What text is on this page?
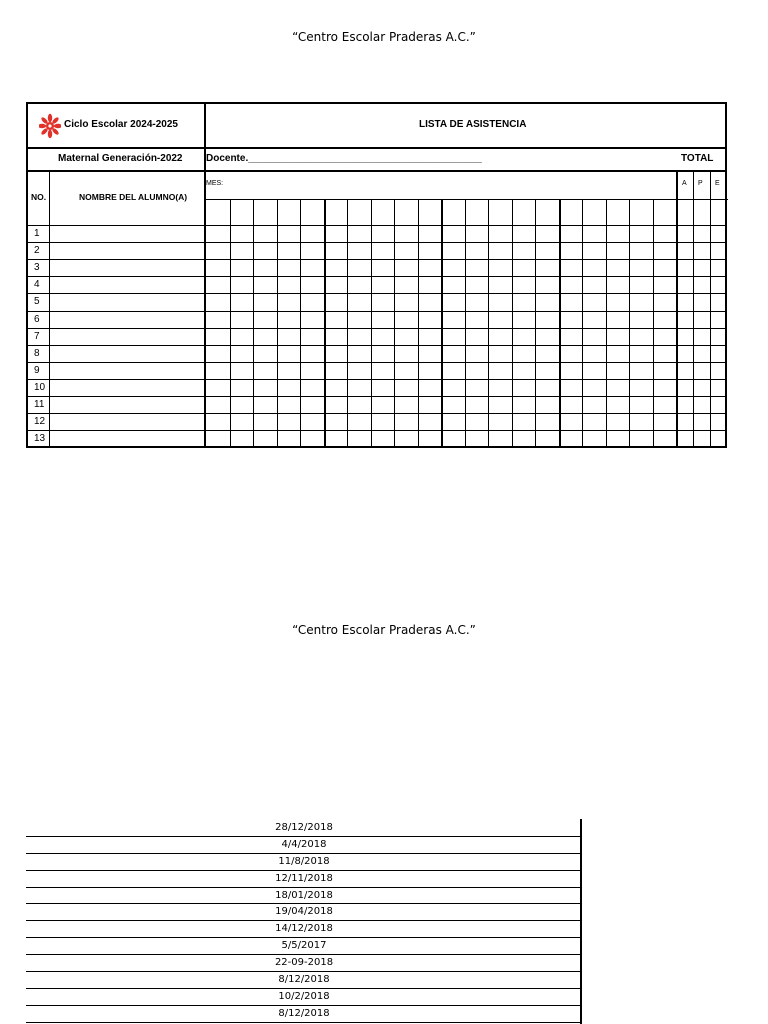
“Centro Escolar Praderas A.C.”
Ciclo Escolar 2024-2025	LISTA DE ASISTENCIA
Maternal Generación-2022 Docente.__________________________________________	TOTAL
NO.	NOMBRE DEL ALUMNO(A)
MES:	A P E
1
2
3
4
5
6
7
8
9
10
11
12
13
“Centro Escolar Praderas A.C.”
28/12/2018
4/4/2018
11/8/2018
12/11/2018
18/01/2018
19/04/2018
14/12/2018
5/5/2017
22-09-2018
8/12/2018
10/2/2018
8/12/2018
